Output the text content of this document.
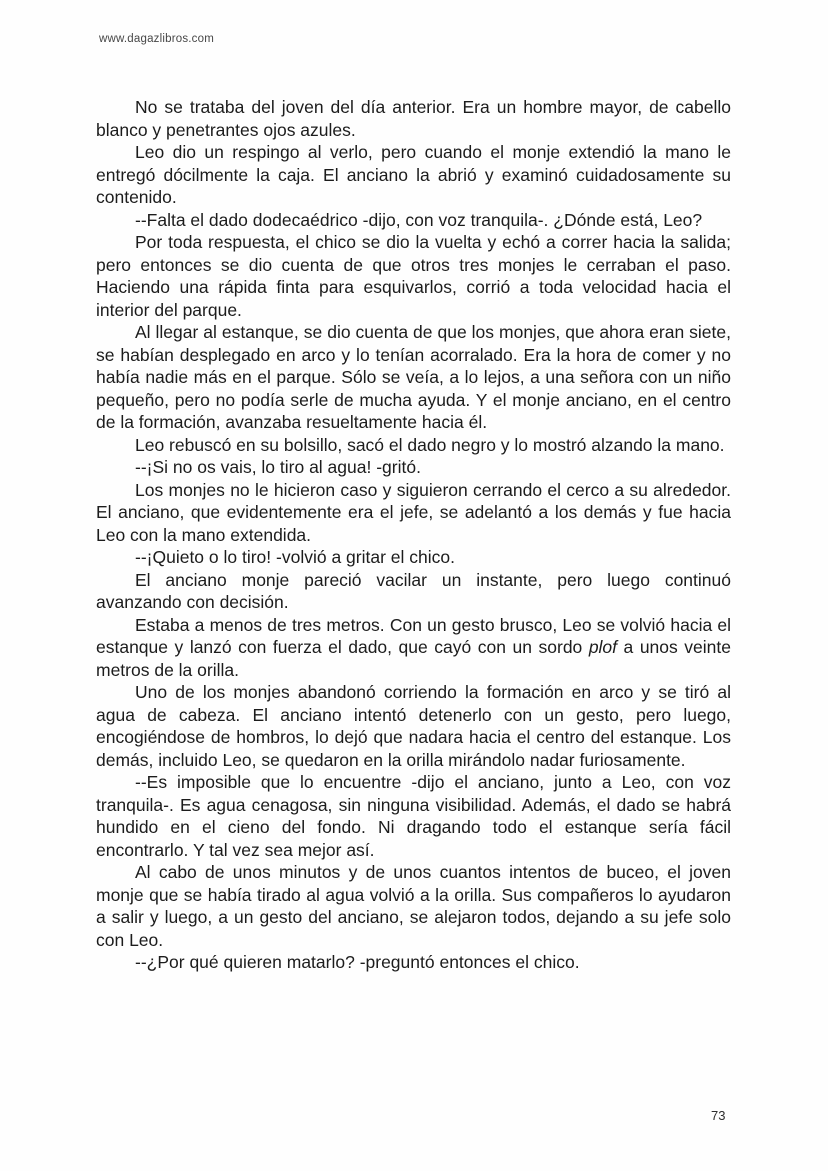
www.dagazlibros.com

No se trataba del joven del día anterior. Era un hombre mayor, de cabello blanco y penetrantes ojos azules.

Leo dio un respingo al verlo, pero cuando el monje extendió la mano le entregó dócilmente la caja. El anciano la abrió y examinó cuidadosamente su contenido.

--Falta el dado dodecaédrico -dijo, con voz tranquila-. ¿Dónde está, Leo?

Por toda respuesta, el chico se dio la vuelta y echó a correr hacia la salida; pero entonces se dio cuenta de que otros tres monjes le cerraban el paso. Haciendo una rápida finta para esquivarlos, corrió a toda velocidad hacia el interior del parque.

Al llegar al estanque, se dio cuenta de que los monjes, que ahora eran siete, se habían desplegado en arco y lo tenían acorralado. Era la hora de comer y no había nadie más en el parque. Sólo se veía, a lo lejos, a una señora con un niño pequeño, pero no podía serle de mucha ayuda. Y el monje anciano, en el centro de la formación, avanzaba resueltamente hacia él.

Leo rebuscó en su bolsillo, sacó el dado negro y lo mostró alzando la mano.

--¡Si no os vais, lo tiro al agua! -gritó.

Los monjes no le hicieron caso y siguieron cerrando el cerco a su alrededor. El anciano, que evidentemente era el jefe, se adelantó a los demás y fue hacia Leo con la mano extendida.

--¡Quieto o lo tiro! -volvió a gritar el chico.

El anciano monje pareció vacilar un instante, pero luego continuó avanzando con decisión.

Estaba a menos de tres metros. Con un gesto brusco, Leo se volvió hacia el estanque y lanzó con fuerza el dado, que cayó con un sordo plof a unos veinte metros de la orilla.

Uno de los monjes abandonó corriendo la formación en arco y se tiró al agua de cabeza. El anciano intentó detenerlo con un gesto, pero luego, encogiéndose de hombros, lo dejó que nadara hacia el centro del estanque. Los demás, incluido Leo, se quedaron en la orilla mirándolo nadar furiosamente.

--Es imposible que lo encuentre -dijo el anciano, junto a Leo, con voz tranquila-. Es agua cenagosa, sin ninguna visibilidad. Además, el dado se habrá hundido en el cieno del fondo. Ni dragando todo el estanque sería fácil encontrarlo. Y tal vez sea mejor así.

Al cabo de unos minutos y de unos cuantos intentos de buceo, el joven monje que se había tirado al agua volvió a la orilla. Sus compañeros lo ayudaron a salir y luego, a un gesto del anciano, se alejaron todos, dejando a su jefe solo con Leo.

--¿Por qué quieren matarlo? -preguntó entonces el chico.

73
